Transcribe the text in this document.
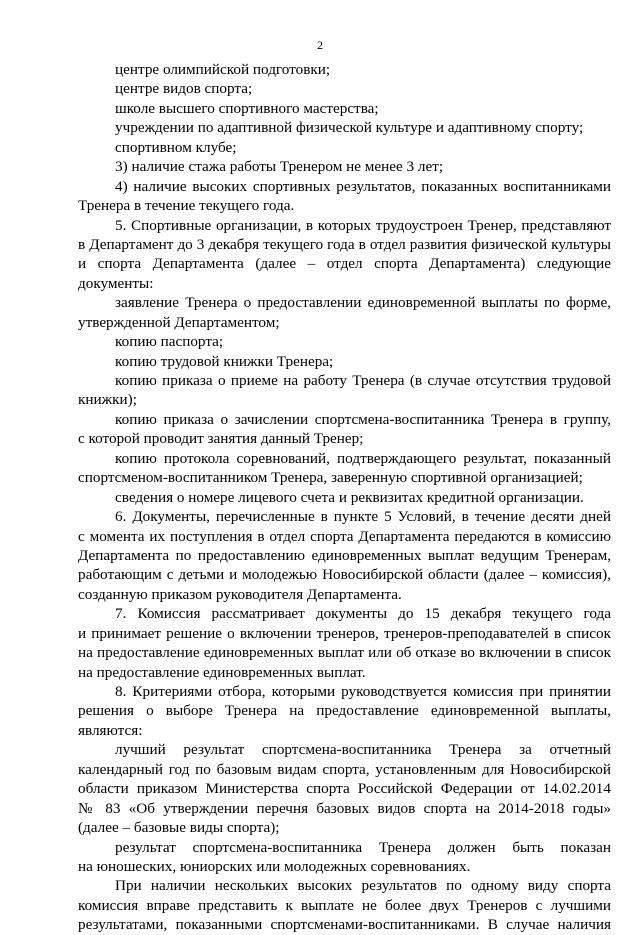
2
центре олимпийской подготовки;
центре видов спорта;
школе высшего спортивного мастерства;
учреждении по адаптивной физической культуре и адаптивному спорту;
спортивном клубе;
3) наличие стажа работы Тренером не менее 3 лет;
4) наличие высоких спортивных результатов, показанных воспитанниками
Тренера в течение текущего года.
5. Спортивные организации, в которых трудоустроен Тренер, представляют
в Департамент до 3 декабря текущего года в отдел развития физической культуры
и спорта Департамента (далее – отдел спорта Департамента) следующие
документы:
заявление Тренера о предоставлении единовременной выплаты по форме,
утвержденной Департаментом;
копию паспорта;
копию трудовой книжки Тренера;
копию приказа о приеме на работу Тренера (в случае отсутствия трудовой
книжки);
копию приказа о зачислении спортсмена-воспитанника Тренера в группу,
с которой проводит занятия данный Тренер;
копию протокола соревнований, подтверждающего результат, показанный
спортсменом-воспитанником Тренера, заверенную спортивной организацией;
сведения о номере лицевого счета и реквизитах кредитной организации.
6. Документы, перечисленные в пункте 5 Условий, в течение десяти дней
с момента их поступления в отдел спорта Департамента передаются в комиссию
Департамента по предоставлению единовременных выплат ведущим Тренерам,
работающим с детьми и молодежью Новосибирской области (далее – комиссия),
созданную приказом руководителя Департамента.
7. Комиссия рассматривает документы до 15 декабря текущего года
и принимает решение о включении тренеров, тренеров-преподавателей в список
на предоставление единовременных выплат или об отказе во включении в список
на предоставление единовременных выплат.
8. Критериями отбора, которыми руководствуется комиссия при принятии
решения о выборе Тренера на предоставление единовременной выплаты,
являются:
лучший результат спортсмена-воспитанника Тренера за отчетный
календарный год по базовым видам спорта, установленным для Новосибирской
области приказом Министерства спорта Российской Федерации от 14.02.2014
№ 83 «Об утверждении перечня базовых видов спорта на 2014-2018 годы»
(далее – базовые виды спорта);
результат спортсмена-воспитанника Тренера должен быть показан
на юношеских, юниорских или молодежных соревнованиях.
При наличии нескольких высоких результатов по одному виду спорта
комиссия вправе представить к выплате не более двух Тренеров с лучшими
результатами, показанными спортсменами-воспитанниками. В случае наличия
